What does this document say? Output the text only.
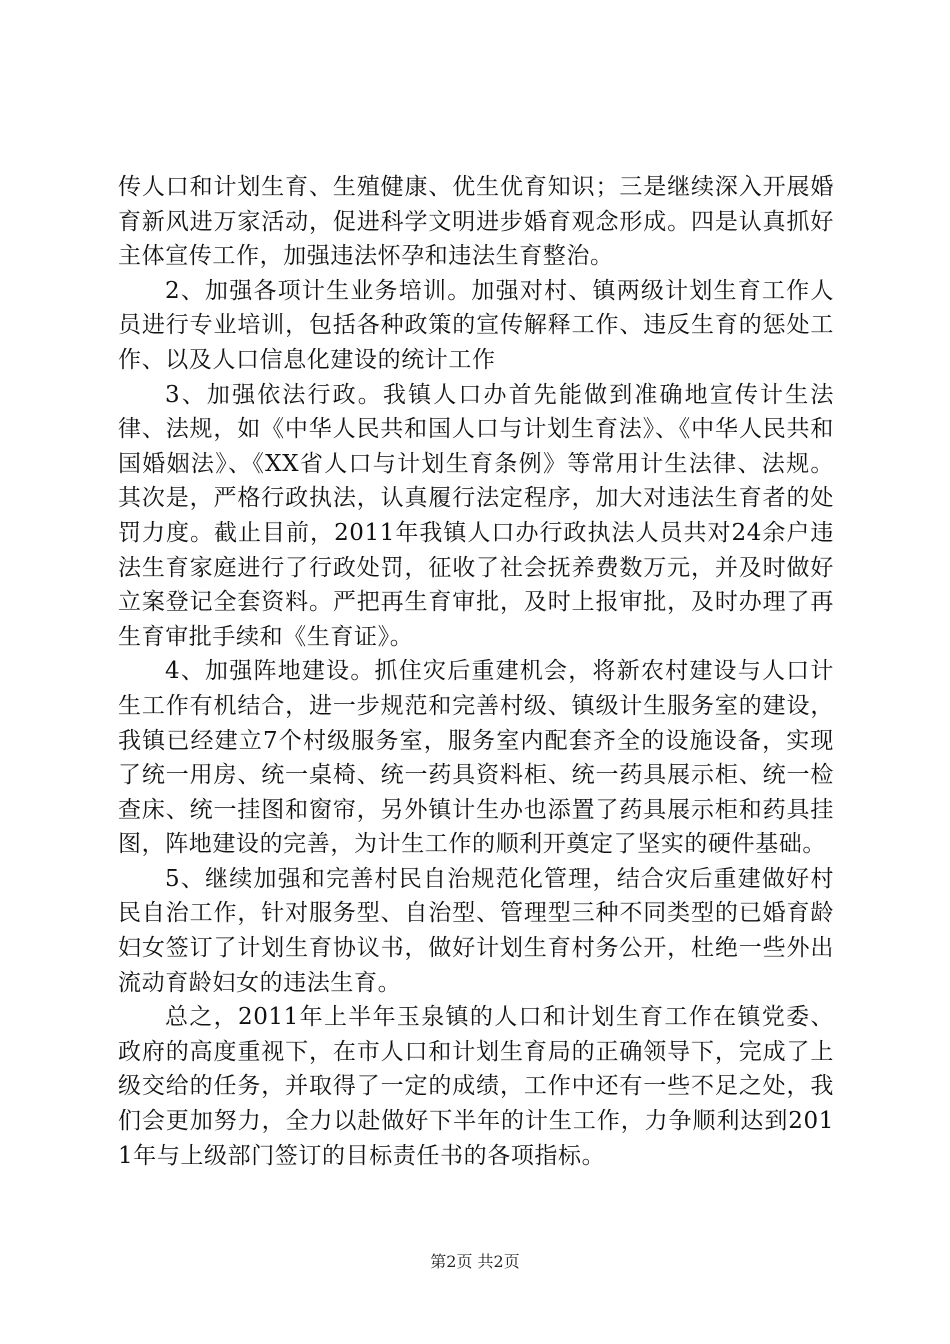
传人口和计划生育、生殖健康、优生优育知识；三是继续深入开展婚育新风进万家活动，促进科学文明进步婚育观念形成。四是认真抓好主体宣传工作，加强违法怀孕和违法生育整治。

2、加强各项计生业务培训。加强对村、镇两级计划生育工作人员进行专业培训，包括各种政策的宣传解释工作、违反生育的惩处工作、以及人口信息化建设的统计工作

3、加强依法行政。我镇人口办首先能做到准确地宣传计生法律、法规，如《中华人民共和国人口与计划生育法》、《中华人民共和国婚姻法》、《XX省人口与计划生育条例》等常用计生法律、法规。其次是，严格行政执法，认真履行法定程序，加大对违法生育者的处罚力度。截止目前，2011年我镇人口办行政执法人员共对24余户违法生育家庭进行了行政处罚，征收了社会抚养费数万元，并及时做好立案登记全套资料。严把再生育审批，及时上报审批，及时办理了再生育审批手续和《生育证》。

4、加强阵地建设。抓住灾后重建机会，将新农村建设与人口计生工作有机结合，进一步规范和完善村级、镇级计生服务室的建设，我镇已经建立7个村级服务室，服务室内配套齐全的设施设备，实现了统一用房、统一桌椅、统一药具资料柜、统一药具展示柜、统一检查床、统一挂图和窗帘，另外镇计生办也添置了药具展示柜和药具挂图，阵地建设的完善，为计生工作的顺利开奠定了坚实的硬件基础。

5、继续加强和完善村民自治规范化管理，结合灾后重建做好村民自治工作，针对服务型、自治型、管理型三种不同类型的已婚育龄妇女签订了计划生育协议书，做好计划生育村务公开，杜绝一些外出流动育龄妇女的违法生育。

总之，2011年上半年玉泉镇的人口和计划生育工作在镇党委、政府的高度重视下，在市人口和计划生育局的正确领导下，完成了上级交给的任务，并取得了一定的成绩，工作中还有一些不足之处，我们会更加努力，全力以赴做好下半年的计生工作，力争顺利达到2011年与上级部门签订的目标责任书的各项指标。

第2页 共2页
